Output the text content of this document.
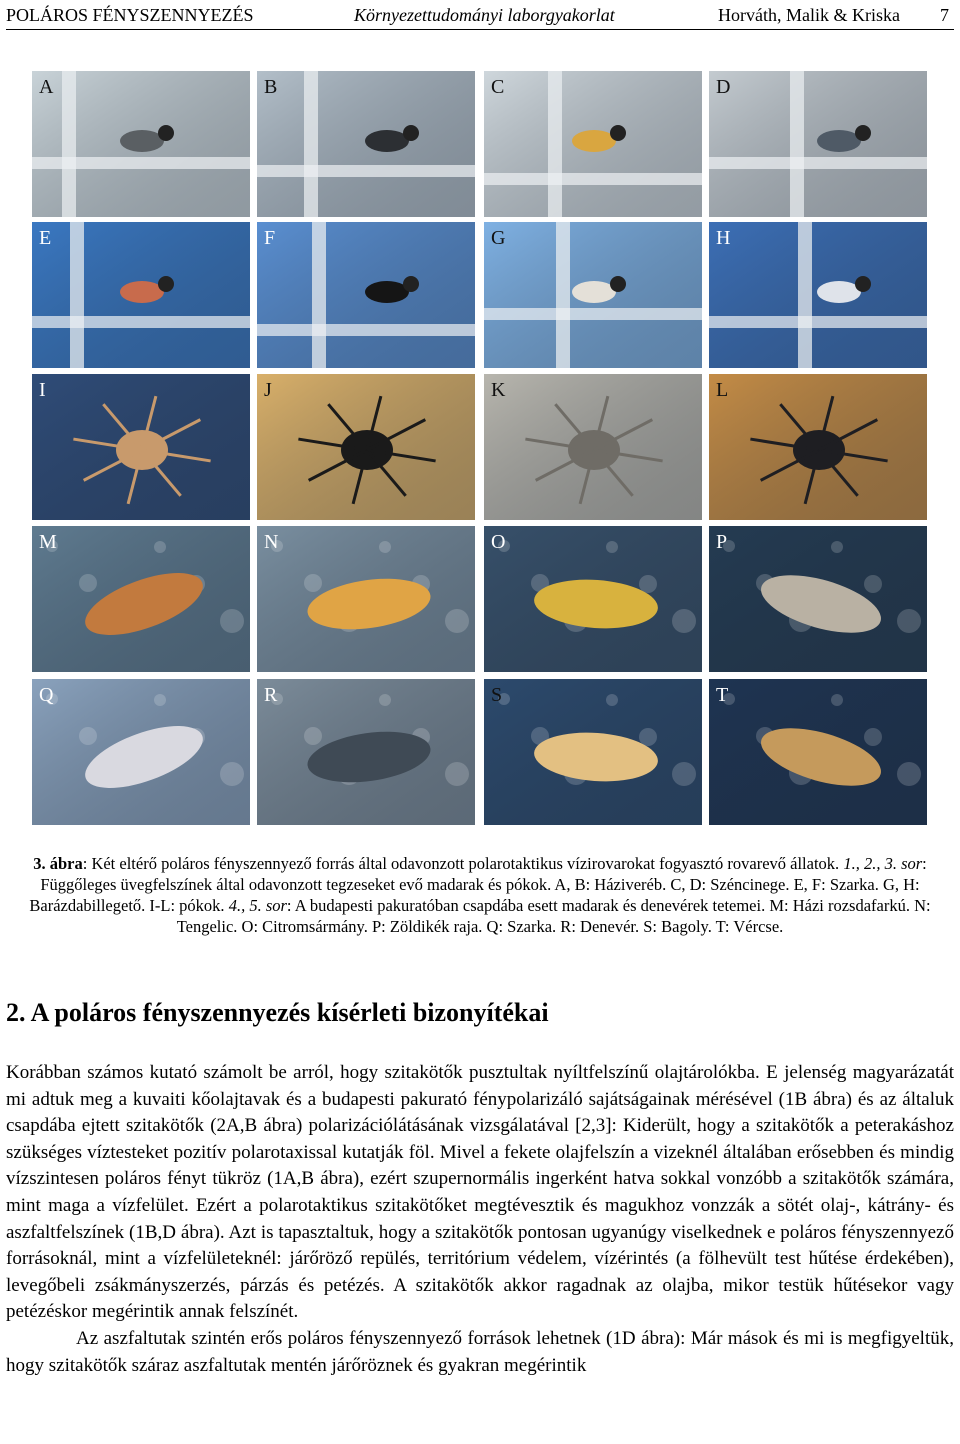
POLÁROS FÉNYSZENNYEZÉS	Környezettudományi laborgyakorlat	Horváth, Malik & Kriska 7
A	B	C	D
E	F	G	H
I	J	K	L
M	N	O	P
Q	R	S	T

3. ábra: Két eltérő poláros fényszennyező forrás által odavonzott polarotaktikus vízirovarokat fogyasztó rovarevő állatok. 1., 2., 3. sor: Függőleges üvegfelszínek által odavonzott tegzeseket evő madarak és pókok. A, B: Háziveréb. C, D: Széncinege. E, F: Szarka. G, H: Barázdabillegető. I-L: pókok. 4., 5. sor: A budapesti pakuratóban csapdába esett madarak és denevérek tetemei. M: Házi rozsdafarkú. N: Tengelic. O: Citromsármány. P: Zöldikék raja. Q: Szarka. R: Denevér. S: Bagoly. T: Vércse.

2. A poláros fényszennyezés kísérleti bizonyítékai

Korábban számos kutató számolt be arról, hogy szitakötők pusztultak nyíltfelszínű olajtárolókba. E jelenség magyarázatát mi adtuk meg a kuvaiti kőolajtavak és a budapesti pakurató fénypolarizáló sajátságainak mérésével (1B ábra) és az általuk csapdába ejtett szitakötők (2A,B ábra) polarizációlátásának vizsgálatával [2,3]: Kiderült, hogy a szitakötők a peterakáshoz szükséges víztesteket pozitív polarotaxissal kutatják föl. Mivel a fekete olajfelszín a vizeknél általában erősebben és mindig vízszintesen poláros fényt tükröz (1A,B ábra), ezért szupernormális ingerként hatva sokkal vonzóbb a szitakötők számára, mint maga a vízfelület. Ezért a polarotaktikus szitakötőket megtévesztik és magukhoz vonzzák a sötét olaj-, kátrány- és aszfaltfelszínek (1B,D ábra). Azt is tapasztaltuk, hogy a szitakötők pontosan ugyanúgy viselkednek e poláros fényszennyező forrásoknál, mint a vízfelületeknél: járőröző repülés, territórium védelem, vízérintés (a fölhevült test hűtése érdekében), levegőbeli zsákmányszerzés, párzás és petézés. A szitakötők akkor ragadnak az olajba, mikor testük hűtésekor vagy petézéskor megérintik annak felszínét.

Az aszfaltutak szintén erős poláros fényszennyező források lehetnek (1D ábra): Már mások és mi is megfigyeltük, hogy szitakötők száraz aszfaltutak mentén járőröznek és gyakran megérintik
